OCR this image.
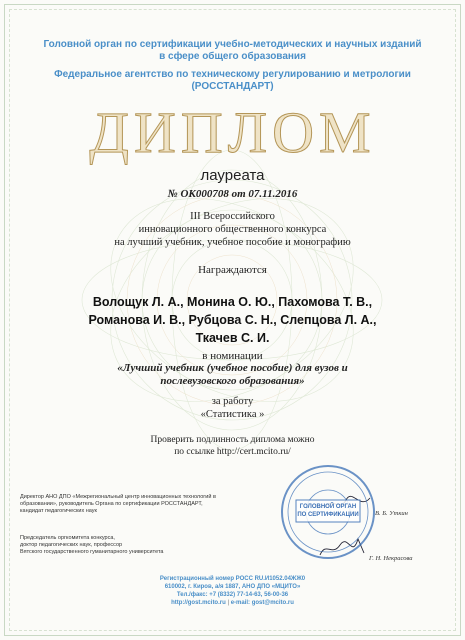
Головной орган по сертификации учебно-методических и научных изданий
в сфере общего образования
Федеральное агентство по техническому регулированию и метрологии
(РОССТАНДАРТ)
ДИПЛОМ
лауреата
№ ОК000708 от 07.11.2016
III Всероссийского
инновационного общественного конкурса
на лучший учебник, учебное пособие и монографию
Награждаются
Волощук Л. А., Монина О. Ю., Пахомова Т. В.,
Романова И. В., Рубцова С. Н., Слепцова Л. А.,
Ткачев С. И.
в номинации
«Лучший учебник (учебное пособие) для вузов и
послевузовского образования»
за работу
«Статистика »
Проверить подлинность диплома можно
по ссылке http://cert.mcito.ru/
Директор АНО ДПО «Межрегиональный центр инновационных технологий в
образовании», руководитель Органа по сертификации РОССТАНДАРТ,
кандидат педагогических наук	В. Б. Уткин
Председатель оргкомитета конкурса,
доктор педагогических наук, профессор
Вятского государственного гуманитарного университета
Г. Н. Некрасова
ГОЛОВНОЙ ОРГАН
ПО СЕРТИФИКАЦИИ
Регистрационный номер РОСС RU.И1052.04ЖЖ0
610002, г. Киров, а/я 1887, АНО ДПО «МЦИТО»
Тел./факс: +7 (8332) 77-14-63, 56-00-36
http://gost.mcito.ru | e-mail: gost@mcito.ru
